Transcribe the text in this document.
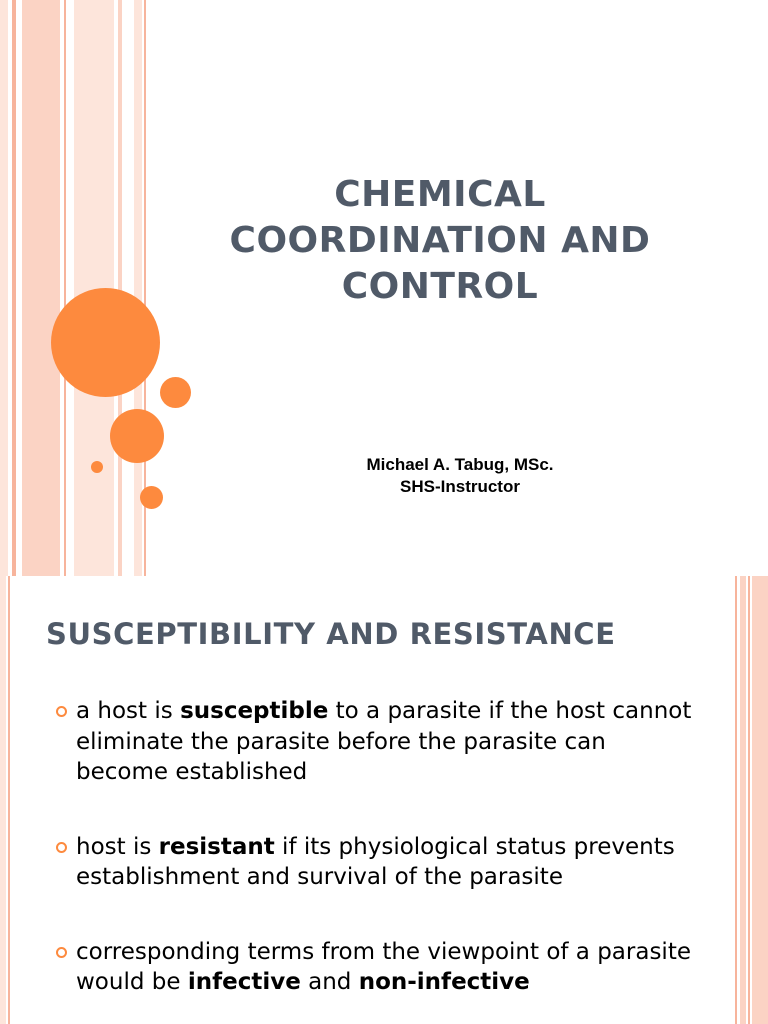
CHEMICAL
COORDINATION AND
CONTROL
Michael A. Tabug, MSc.
SHS-Instructor
SUSCEPTIBILITY AND RESISTANCE
a host is susceptible to a parasite if the host cannot eliminate the parasite before the parasite can become established
host is resistant if its physiological status prevents establishment and survival of the parasite
corresponding terms from the viewpoint of a parasite would be infective and non-infective
